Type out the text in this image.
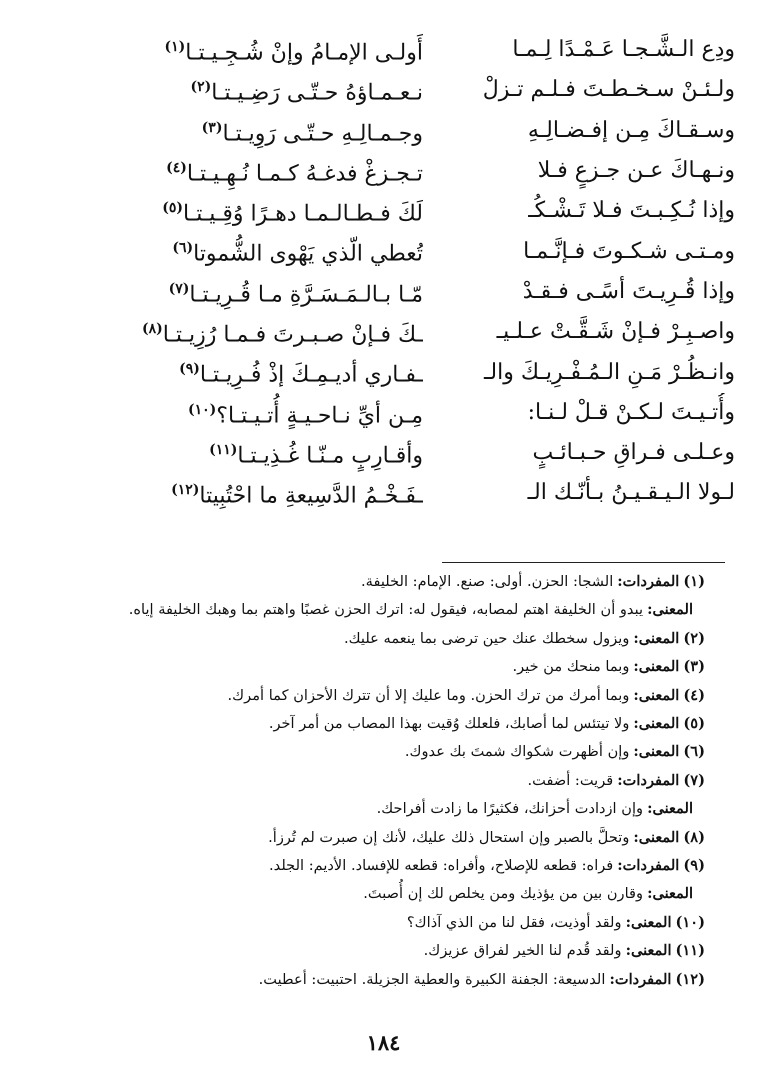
ودِع الـشَّـجـا عَـمْـدًا لِـمـا
أَولـى الإمـامُ وإنْ شُـجِـيـتـا$^{(١)}$
ولـئـنْ سـخـطـتَ فـلـم تـزلْ
نـعـمـاؤهُ حـتّـى رَضِـيـتـا$^{(٢)}$
وسـقـاكَ مِـن إفـضـالِـهِ
وجـمـالِـهِ حـتّـى رَوِيـتـا$^{(٣)}$
ونـهـاكَ عـن جـزعٍ فـلا
تـجـزغْ فدغـهُ كـمـا نُـهِـيـتـا$^{(٤)}$
وإذا نُـكِـبـتَ فـلا تَـشْـكُـ
لَكَ فـطـالـمـا دهـرًا وُقِـيـتـا$^{(٥)}$
ومـتـى شـكـوتَ فـإنَّـمـا
تُعطي الّذي يَهْوى الشُّموتا$^{(٦)}$
وإذا قُـرِيـتَ أسًـى فـقـدْ
مّـا بـالـمَـسَـرَّةِ مـا قُـرِيـتـا$^{(٧)}$
واصـبِـرْ فـإنْ شَـقَّـتْ عـلـيـ
ـكَ فـإنْ صـبـرتَ فـمـا رُزِيـتـا$^{(٨)}$
وانـظُـرْ مَـنِ الـمُـفْـرِيـكَ والـ
ـفـاري أديـمِـكَ إذْ فُـرِيـتـا$^{(٩)}$
وأُتـيـتَ لـكـنْ قـلْ لـنـا:
مِـن أيِّ نـاحـيـةٍ أُتـيـتـا؟$^{(١٠)}$
وعـلـى فـراقِ حـبـائـبٍ
وأقـارِبٍ مـنّـا غُـذِيـتـا$^{(١١)}$
لـولا الـيـقـيـنُ بـأنّـك الـ
ـفَـخْـمُ الدَّسِيعةِ ما احْتُبِيتا$^{(١٢)}$
(١)المفردات:الشجا: الحزن. أولى: صنع. الإمام: الخليفة.
المعنى:يبدو أن الخليفة اهتم لمصابه، فيقول له: اترك الحزن غصبًا واهتم بما وهبك الخليفة إياه.
(٢)المعنى:ويزول سخطك عنك حين ترضى بما ينعمه عليك.
(٣)المعنى:وبما منحك من خير.
(٤)المعنى:وبما أمرك من ترك الحزن. وما عليك إلا أن تترك الأحزان كما أمرك.
(٥)المعنى:ولا تيتئس لما أصابك، فلعلك وُقيت بهذا المصاب من أمر آخر.
(٦)المعنى:وإن أظهرت شكواك شمتَ بك عدوك.
(٧)المفردات:قريت: أضفت.
المعنى:وإن ازدادت أحزانك، فكثيرًا ما زادت أفراحك.
(٨)المعنى:وتحلَّ بالصبر وإن استحال ذلك عليك، لأنك إن صبرت لم تُرزأ.
(٩)المفردات:فراه: قطعه للإصلاح، وأفراه: قطعه للإفساد. الأديم: الجلد.
المعنى:وقارن بين من يؤذيك ومن يخلص لك إن أُصبتَ.
(١٠)المعنى:ولقد أوذيت، فقل لنا من الذي آذاك؟
(١١)المعنى:ولقد قُدم لنا الخير لفراق عزيزك.
(١٢)المفردات:الدسيعة: الجفنة الكبيرة والعطية الجزيلة. احتبيت: أعطيت.
١٨٤
